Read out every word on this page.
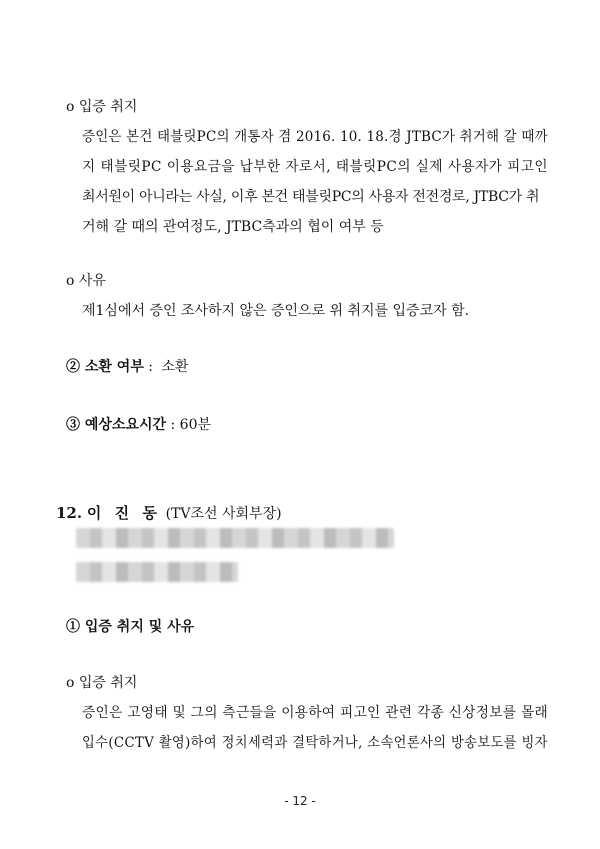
ο 입증 취지
증인은 본건 태블릿PC의 개통자 겸 2016. 10. 18.경 JTBC가 취거해 갈 때까
지 태블릿PC 이용요금을 납부한 자로서, 태블릿PC의 실제 사용자가 피고인
최서원이 아니라는 사실, 이후 본건 태블릿PC의 사용자 전전경로, JTBC가 취
거해 갈 때의 관여정도, JTBC측과의 협이 여부 등
ο 사유
제1심에서 증인 조사하지 않은 증인으로 위 취지를 입증코자 함.
② 소환 여부 : 소환
③ 예상소요시간 : 60분
12. 이 진 동 (TV조선 사회부장)
① 입증 취지 및 사유
ο 입증 취지
증인은 고영태 및 그의 측근들을 이용하여 피고인 관련 각종 신상정보를 몰래
입수(CCTV 촬영)하여 정치세력과 결탁하거나, 소속언론사의 방송보도를 빙자
- 12 -
